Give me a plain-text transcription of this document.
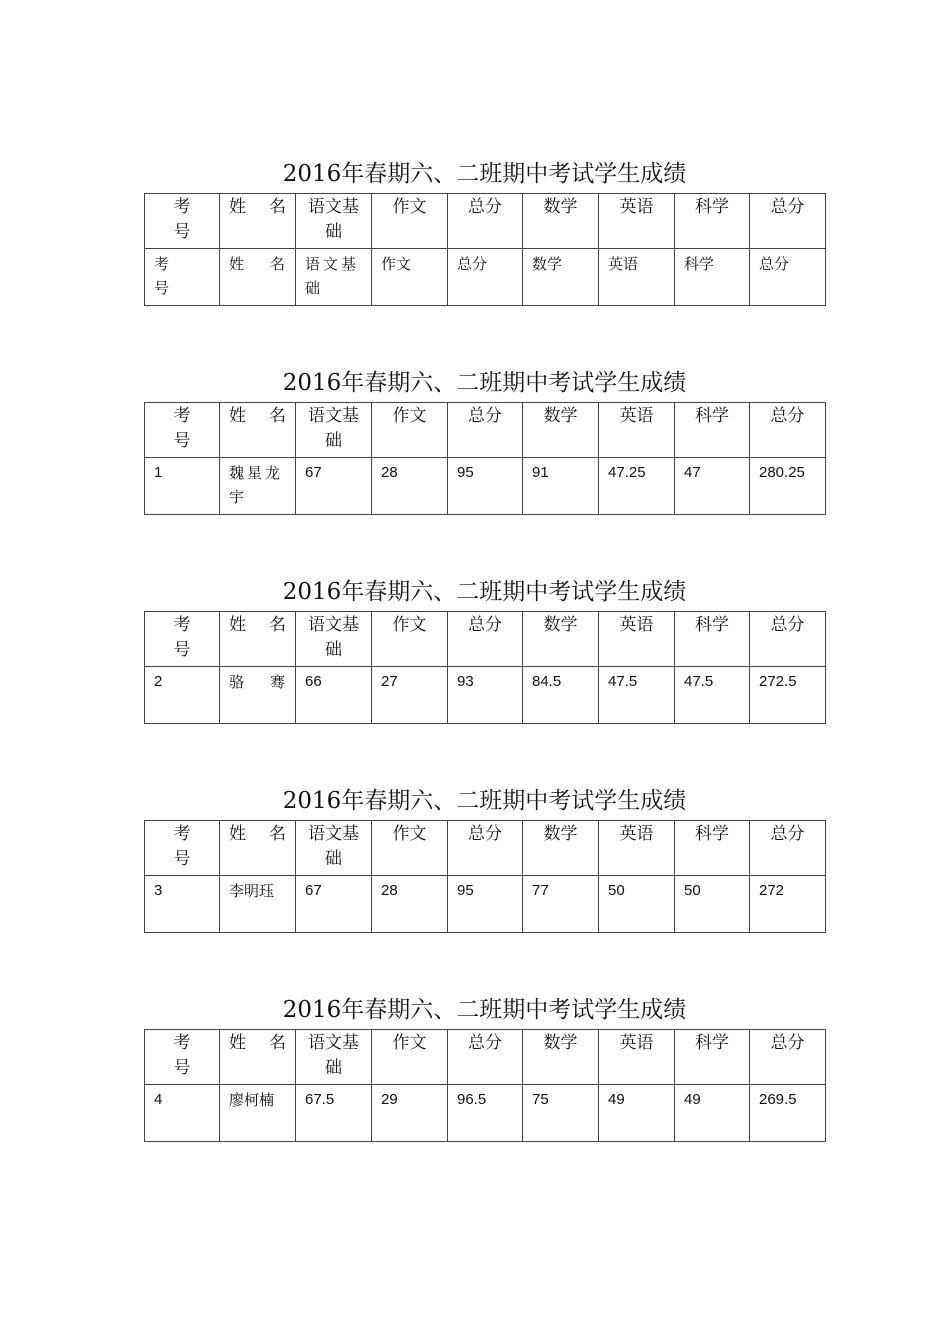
2016年春期六、二班期中考试学生成绩
考号	姓　名	语文基础	作文	总分	数学	英语	科学	总分

考号	姓　名	语文基础	作文	总分	数学	英语	科学	总分
2016年春期六、二班期中考试学生成绩
考号	姓　名	语文基础	作文	总分	数学	英语	科学	总分
1	魏星龙宇	67	28	95	91	47.25	47	280.25
2016年春期六、二班期中考试学生成绩
考号	姓　名	语文基础	作文	总分	数学	英语	科学	总分
2	骆　骞	66	27	93	84.5	47.5	47.5	272.5
2016年春期六、二班期中考试学生成绩
考号	姓　名	语文基础	作文	总分	数学	英语	科学	总分
3	李明珏	67	28	95	77	50	50	272
2016年春期六、二班期中考试学生成绩
考号	姓　名	语文基础	作文	总分	数学	英语	科学	总分
4	廖柯楠	67.5	29	96.5	75	49	49	269.5
